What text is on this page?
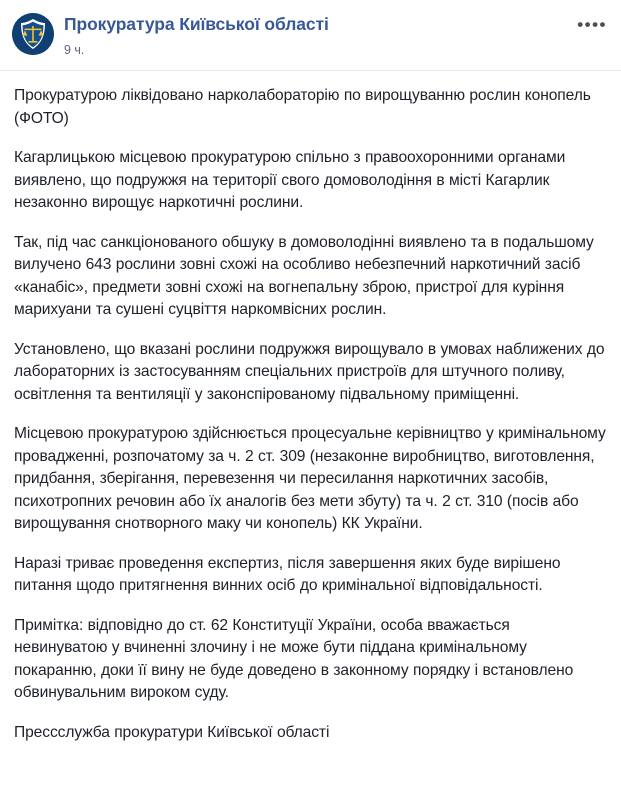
Прокуратура Київської області
9 ч.
••••

Прокуратурою ліквідовано наркoлабораторію по вирощуванню рослин конопель (ФОТО)

Кагарлицькою місцевою прокуратурою спільно з правоохоронними органами виявлено, що подружжя на території свого домоволодіння в місті Кагарлик незаконно вирощує наркотичні рослини.

Так, під час санкціонованого обшуку в домоволодінні виявлено та в подальшому вилучено 643 рослини зовні схожі на особливо небезпечний наркотичний засіб «канабіс», предмети зовні схожі на вогнепальну зброю, пристрої для куріння марихуани та сушені суцвіття наркомвісних рослин.

Установлено, що вказані рослини подружжя вирощувало в умовах наближених до лабораторних із застосуванням спеціальних пристроїв для штучного поливу, освітлення та вентиляції у законспірованому підвальному приміщенні.

Місцевою прокуратурою здійснюється процесуальне керівництво у кримінальному провадженні, розпочатому за ч. 2 ст. 309 (незаконне виробництво, виготовлення, придбання, зберігання, перевезення чи пересилання наркотичних засобів, психотропних речовин або їх аналогів без мети збуту) та ч. 2 ст. 310 (посів або вирощування снотворного маку чи конопель) КК України.

Наразі триває проведення експертиз, після завершення яких буде вирішено питання щодо притягнення винних осіб до кримінальної відповідальності.

Примітка: відповідно до ст. 62 Конституції України, особа вважається невинуватою у вчиненні злочину і не може бути піддана кримінальному покаранню, доки її вину не буде доведено в законному порядку і встановлено обвинувальним вироком суду.

Прессслужба прокуратури Київської області
